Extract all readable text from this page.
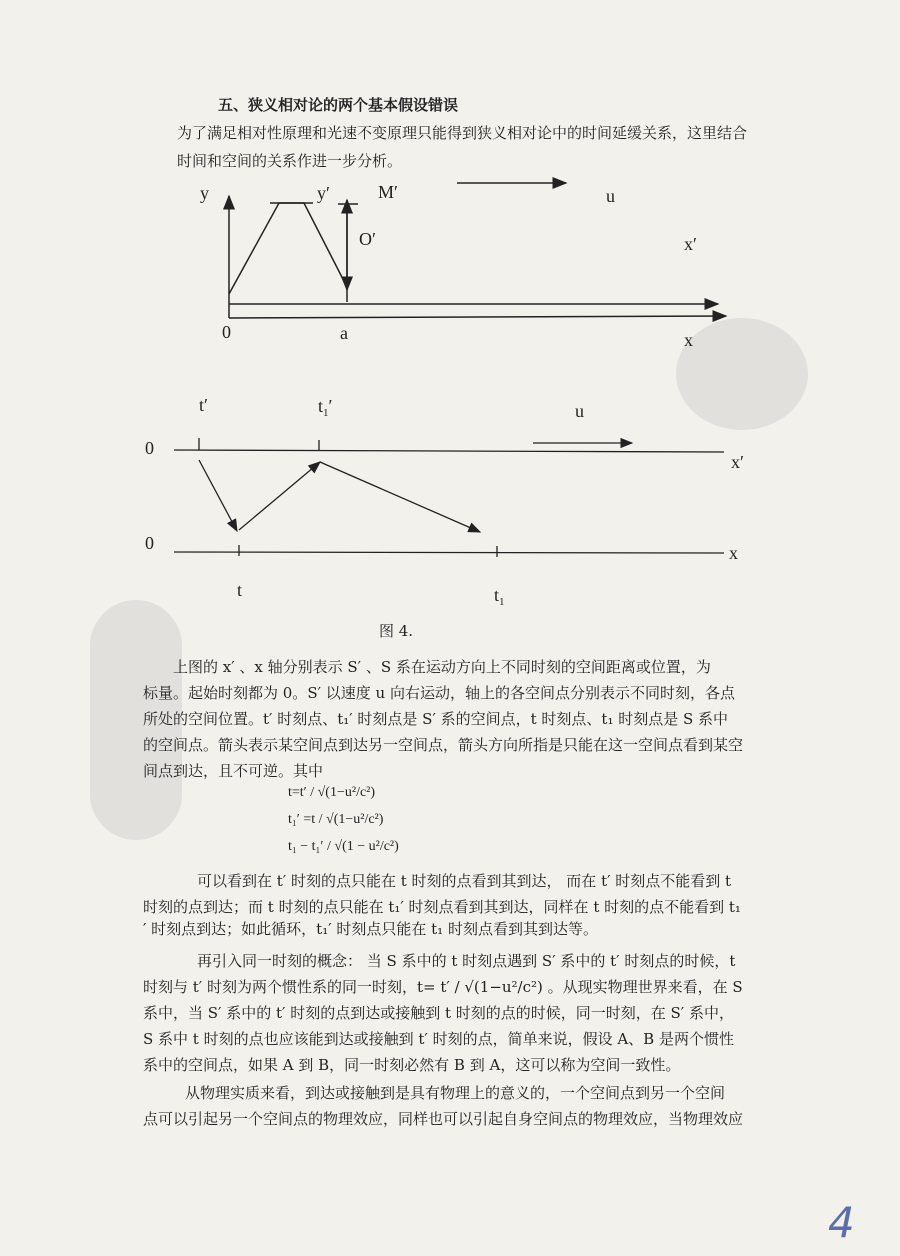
五、狭义相对论的两个基本假设错误
为了满足相对性原理和光速不变原理只能得到狭义相对论中的时间延缓关系，这里结合
时间和空间的关系作进一步分析。
y	y′	M′
O′
u
x′
0	a	x
t′	$t_1'$	u
0
x′
0	x
t	$t_1$
图 4.
上图的 x′ 、x 轴分别表示 S′ 、S 系在运动方向上不同时刻的空间距离或位置，为
标量。起始时刻都为 0。S′ 以速度 u 向右运动，轴上的各空间点分别表示不同时刻，各点
所处的空间位置。t′ 时刻点、t₁′ 时刻点是 S′ 系的空间点，t 时刻点、t₁ 时刻点是 S 系中
的空间点。箭头表示某空间点到达另一空间点，箭头方向所指是只能在这一空间点看到某空
间点到达，且不可逆。其中
t=t′ / √(1−u²/c²)
t₁′ =t / √(1−u²/c²)
t₁ − t₁′ / √(1 − u²/c²)
可以看到在 t′ 时刻的点只能在 t 时刻的点看到其到达， 而在 t′ 时刻点不能看到 t
时刻的点到达；而 t 时刻的点只能在 t₁′ 时刻点看到其到达，同样在 t 时刻的点不能看到 t₁
′ 时刻点到达；如此循环，t₁′ 时刻点只能在 t₁ 时刻点看到其到达等。
再引入同一时刻的概念： 当 S 系中的 t 时刻点遇到 S′ 系中的 t′ 时刻点的时候，t
时刻与 t′ 时刻为两个惯性系的同一时刻，t= t′ / √(1−u²/c²) 。从现实物理世界来看，在 S
系中，当 S′ 系中的 t′ 时刻的点到达或接触到 t 时刻的点的时候，同一时刻，在 S′ 系中，
S 系中 t 时刻的点也应该能到达或接触到 t′ 时刻的点，简单来说，假设 A、B 是两个惯性
系中的空间点，如果 A 到 B，同一时刻必然有 B 到 A，这可以称为空间一致性。
从物理实质来看，到达或接触到是具有物理上的意义的，一个空间点到另一个空间
点可以引起另一个空间点的物理效应，同样也可以引起自身空间点的物理效应，当物理效应
4
